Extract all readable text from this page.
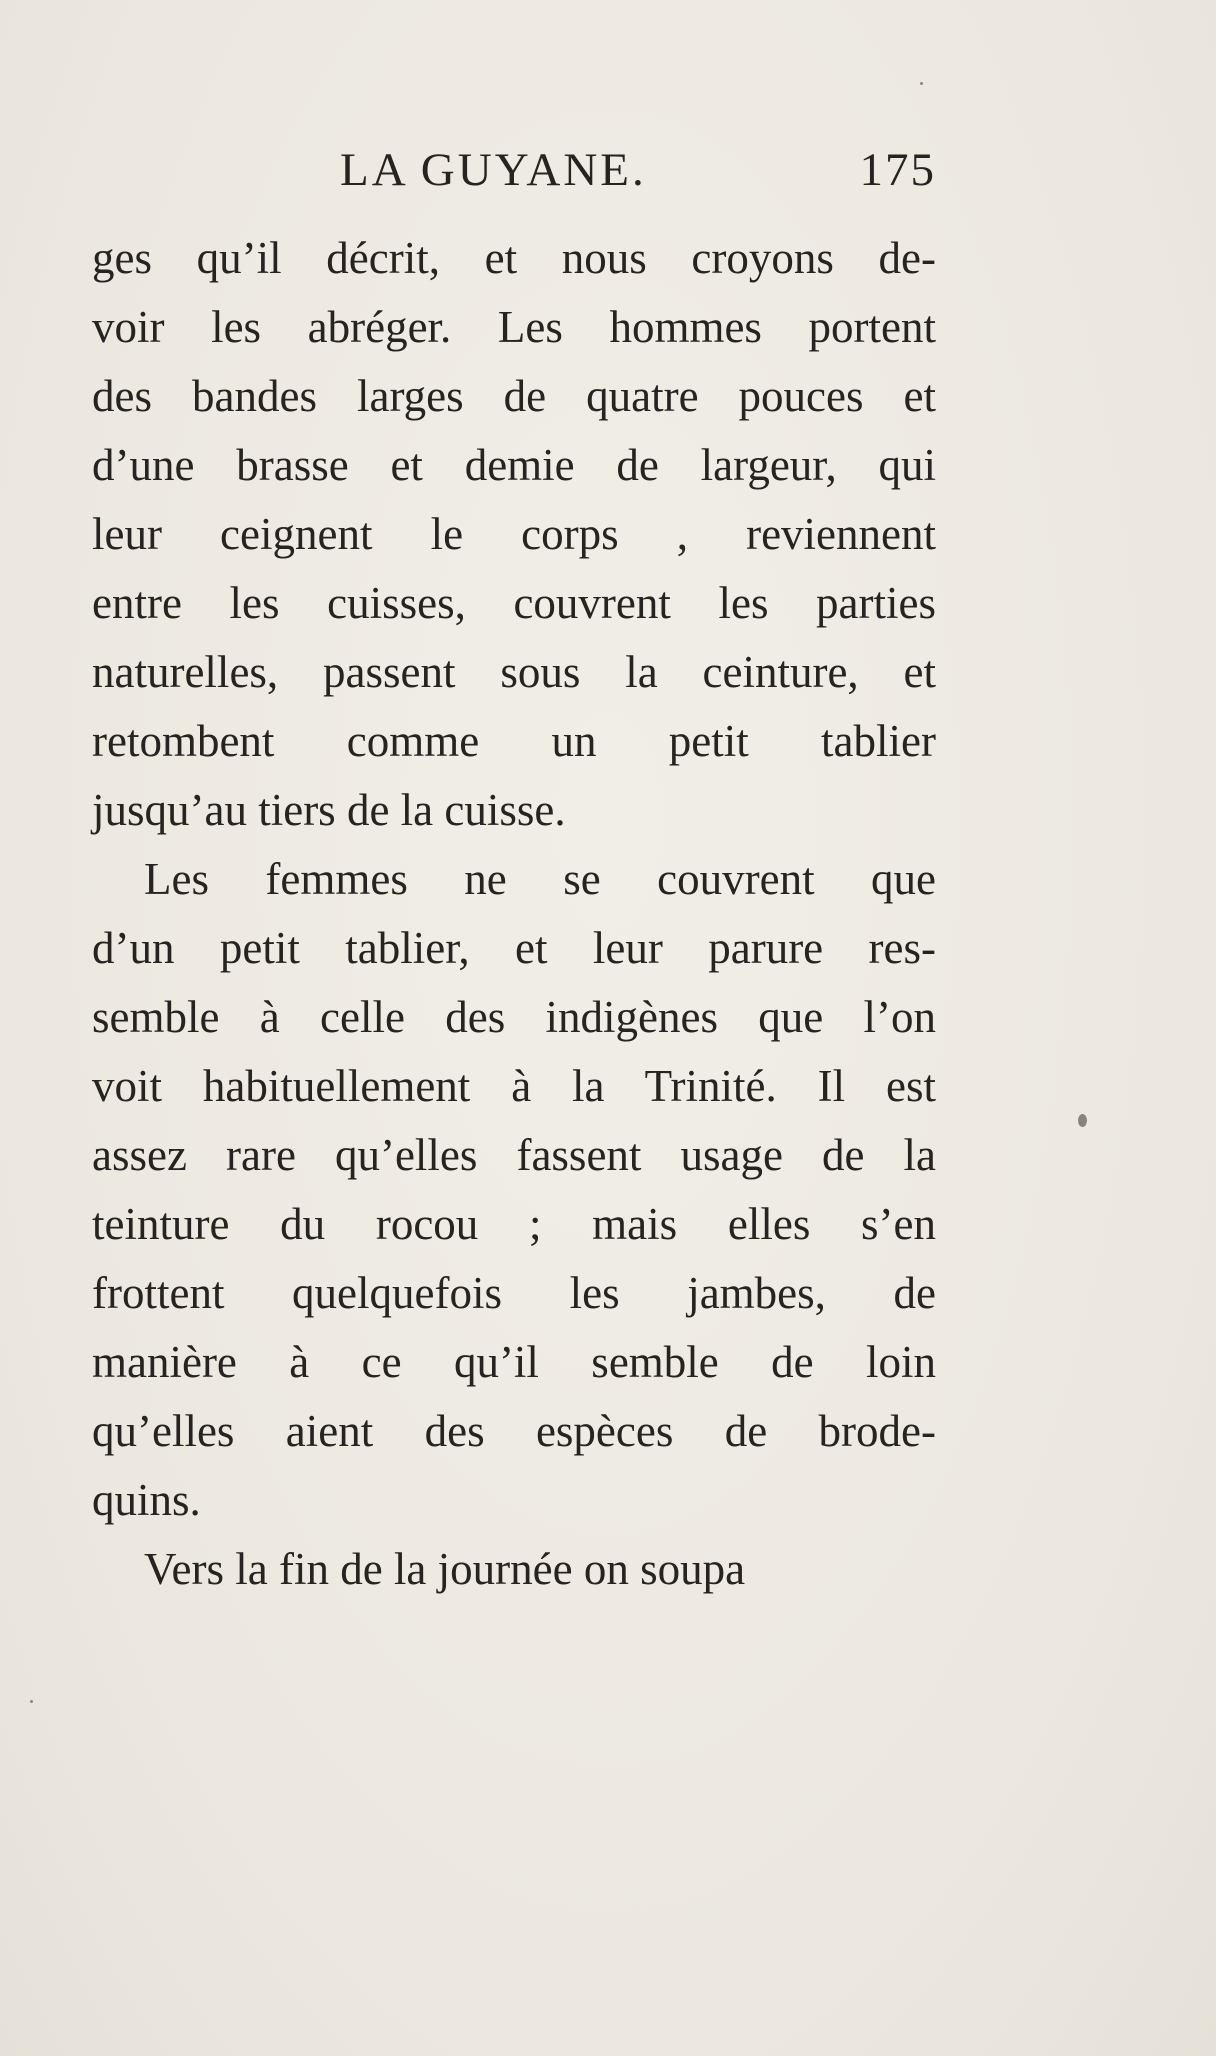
LA GUYANE.	175
ges qu’il décrit, et nous croyons de-
voir les abréger. Les hommes portent
des bandes larges de quatre pouces et
d’une brasse et demie de largeur, qui
leur ceignent le corps , reviennent
entre les cuisses, couvrent les parties
naturelles, passent sous la ceinture, et
retombent comme un petit tablier
jusqu’au tiers de la cuisse.
Les femmes ne se couvrent que
d’un petit tablier, et leur parure res-
semble à celle des indigènes que l’on
voit habituellement à la Trinité. Il est
assez rare qu’elles fassent usage de la
teinture du rocou ; mais elles s’en
frottent quelquefois les jambes, de
manière à ce qu’il semble de loin
qu’elles aient des espèces de brode-
quins.
Vers la fin de la journée on soupa
